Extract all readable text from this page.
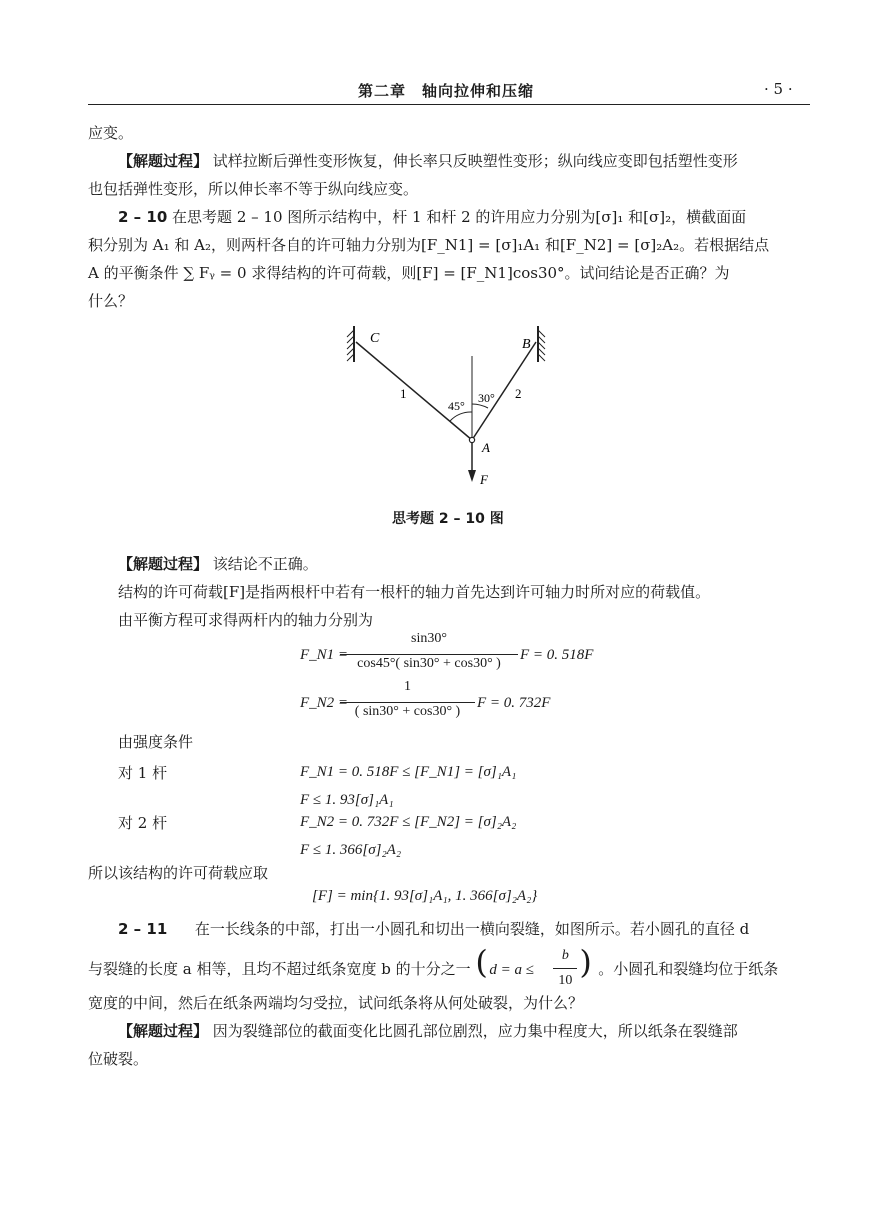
第二章　轴向拉伸和压缩	· 5 ·
应变。
【解题过程】 试样拉断后弹性变形恢复，伸长率只反映塑性变形；纵向线应变即包括塑性变形
也包括弹性变形，所以伸长率不等于纵向线应变。
2 – 10 在思考题 2 – 10 图所示结构中，杆 1 和杆 2 的许用应力分别为[σ]₁ 和[σ]₂，横截面面
积分别为 A₁ 和 A₂，则两杆各自的许可轴力分别为[F_N1] = [σ]₁A₁ 和[F_N2] = [σ]₂A₂。若根据结点
A 的平衡条件 ∑ Fᵧ = 0 求得结构的许可荷载，则[F] = [F_N1]cos30°。试问结论是否正确？为
什么？
C	B
1	2
45°
30°
A
F
思考题 2 – 10 图
【解题过程】 该结论不正确。
结构的许可荷载[F]是指两根杆中若有一根杆的轴力首先达到许可轴力时所对应的荷载值。
由平衡方程可求得两杆内的轴力分别为
F_N1 =
sin30°
cos45°( sin30° + cos30° )
F = 0. 518F
F_N2 =
1
( sin30° + cos30° )
F = 0. 732F
由强度条件
对 1 杆	F_N1 = 0. 518F ≤ [F_N1] = [σ]₁A₁
F ≤ 1. 93[σ]₁A₁
对 2 杆	F_N2 = 0. 732F ≤ [F_N2] = [σ]₂A₂
F ≤ 1. 366[σ]₂A₂
所以该结构的许可荷载应取
[F] = min{1. 93[σ]₁A₁, 1. 366[σ]₂A₂}
2 – 11 在一长线条的中部，打出一小圆孔和切出一横向裂缝，如图所示。若小圆孔的直径 d
与裂缝的长度 a 相等，且均不超过纸条宽度 b 的十分之一 ( d = a ≤
b
10 ) 。小圆孔和裂缝均位于纸条
宽度的中间，然后在纸条两端均匀受拉，试问纸条将从何处破裂，为什么？
【解题过程】 因为裂缝部位的截面变化比圆孔部位剧烈，应力集中程度大，所以纸条在裂缝部
位破裂。
